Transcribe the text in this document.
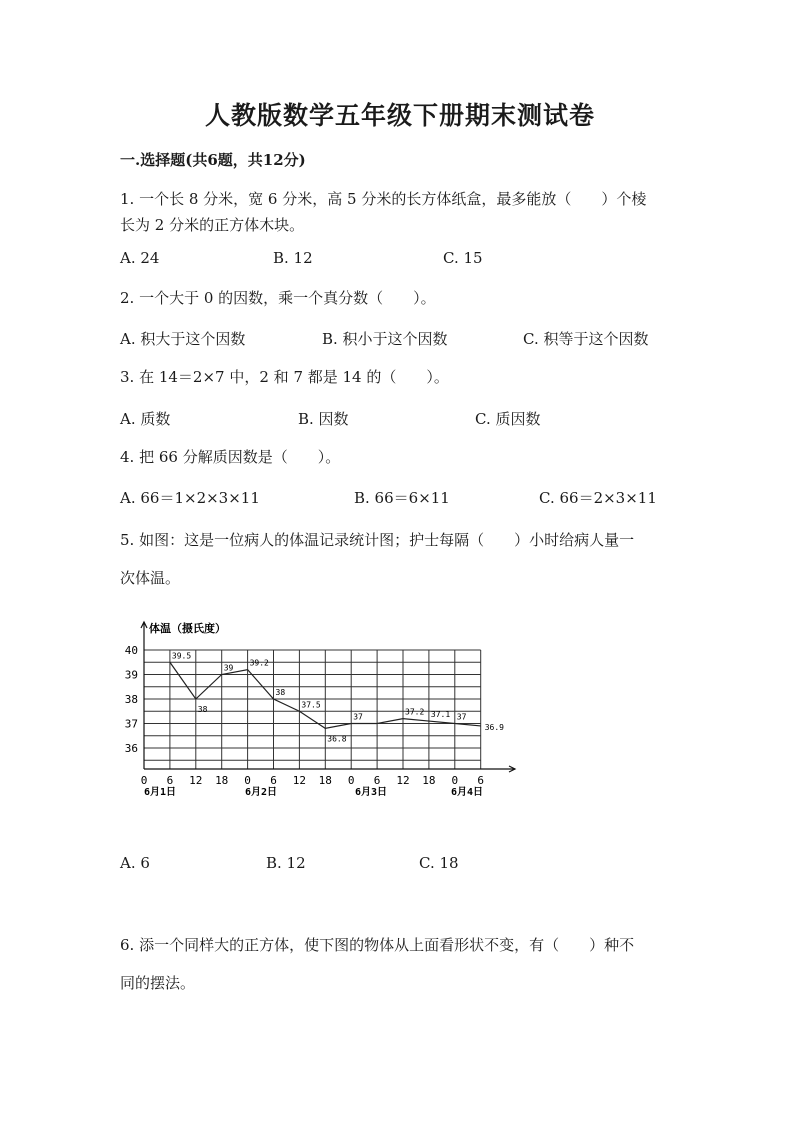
人教版数学五年级下册期末测试卷
一.选择题(共6题，共12分)
1. 一个长 8 分米，宽 6 分米，高 5 分米的长方体纸盒，最多能放（　　）个棱
长为 2 分米的正方体木块。
A. 24	B. 12	C. 15
2. 一个大于 0 的因数，乘一个真分数（　　）。
A. 积大于这个因数	B. 积小于这个因数	C. 积等于这个因数
3. 在 14＝2×7 中，2 和 7 都是 14 的（　　）。
A. 质数	B. 因数	C. 质因数
4. 把 66 分解质因数是（　　）。
A. 66＝1×2×3×11	B. 66＝6×11	C. 66＝2×3×11
5. 如图：这是一位病人的体温记录统计图；护士每隔（　　）小时给病人量一
次体温。
40
39
38
37
36
0 6 12 18 0 6 12 18 0 6 12 18 0 6
6月1日	6月2日	6月3日	6月4日
39.5
38
39
39.2
38
37.5
36.8
37
37.2 37.1 37
36.9
体温（摄氏度）
A. 6	B. 12	C. 18
6. 添一个同样大的正方体，使下图的物体从上面看形状不变，有（　　）种不
同的摆法。
